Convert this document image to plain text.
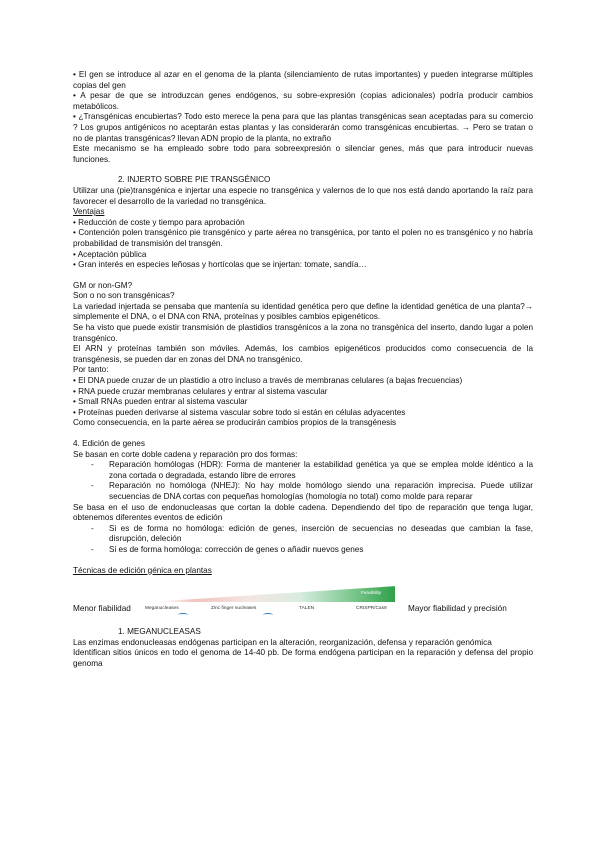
• El gen se introduce al azar en el genoma de la planta (silenciamiento de rutas importantes) y pueden integrarse múltiples copias del gen

• A pesar de que se introduzcan genes endógenos, su sobre-expresión (copias adicionales) podría producir cambios metabólicos.

• ¿Transgénicas encubiertas? Todo esto merece la pena para que las plantas transgénicas sean aceptadas para su comercio ? Los grupos antigénicos no aceptarán estas plantas y las considerarán como transgénicas encubiertas. → Pero se tratan o no de plantas transgénicas? llevan ADN propio de la planta, no extraño

Este mecanismo se ha empleado sobre todo para sobreexpresión o silenciar genes, más que para introducir nuevas funciones.

2. INJERTO SOBRE PIE TRANSGÉNICO

Utilizar una (pie)transgénica e injertar una especie no transgénica y valernos de lo que nos está dando aportando la raíz para favorecer el desarrollo de la variedad no transgénica.

Ventajas

• Reducción de coste y tiempo para aprobación

• Contención polen transgénico pie transgénico y parte aérea no transgénica, por tanto el polen no es transgénico y no habría probabilidad de transmisión del transgén.

• Aceptación pública

• Gran interés en especies leñosas y hortícolas que se injertan: tomate, sandía…

GM or non-GM?

Son o no son transgénicas?

La variedad injertada se pensaba que mantenía su identidad genética pero que define la identidad genética de una planta?→ simplemente el DNA, o el DNA con RNA, proteínas y posibles cambios epigenéticos.

Se ha visto que puede existir transmisión de plastidios transgénicos a la zona no transgénica del inserto, dando lugar a polen transgénico.

El ARN y proteínas también son móviles. Además, los cambios epigenéticos producidos como consecuencia de la transgénesis, se pueden dar en zonas del DNA no transgénico.

Por tanto:

• El DNA puede cruzar de un plastidio a otro incluso a través de membranas celulares (a bajas frecuencias)

• RNA puede cruzar membranas celulares y entrar al sistema vascular

• Small RNAs pueden entrar al sistema vascular

• Proteínas pueden derivarse al sistema vascular sobre todo si están en células adyacentes

Como consecuencia, en la parte aérea se producirán cambios propios de la transgénesis

4. Edición de genes

Se basan en corte doble cadena y reparación pro dos formas:

- Reparación homólogas (HDR): Forma de mantener la estabilidad genética ya que se emplea molde idéntico a la zona cortada o degradada, estando libre de errores
- Reparación no homóloga (NHEJ): No hay molde homólogo siendo una reparación imprecisa. Puede utilizar secuencias de DNA cortas con pequeñas homologías (homología no total) como molde para reparar

Se basa en el uso de endonucleasas que cortan la doble cadena. Dependiendo del tipo de reparación que tenga lugar, obtenemos diferentes eventos de edición

- Si es de forma no homóloga: edición de genes, inserción de secuencias no deseadas que cambian la fase, disrupción, deleción
- Si es de forma homóloga: corrección de genes o añadir nuevos genes

Técnicas de edición génica en plantas

Feasibility
Menor fiabilidad	Meganucleases	Zinc finger nucleases	TALEN	CRISPR/Cas9	Mayor fiabilidad y precisión

1. MEGANUCLEASAS

Las enzimas endonucleasas endógenas participan en la alteración, reorganización, defensa y reparación genómica

Identifican sitios únicos en todo el genoma de 14-40 pb. De forma endógena participan en la reparación y defensa del propio genoma
